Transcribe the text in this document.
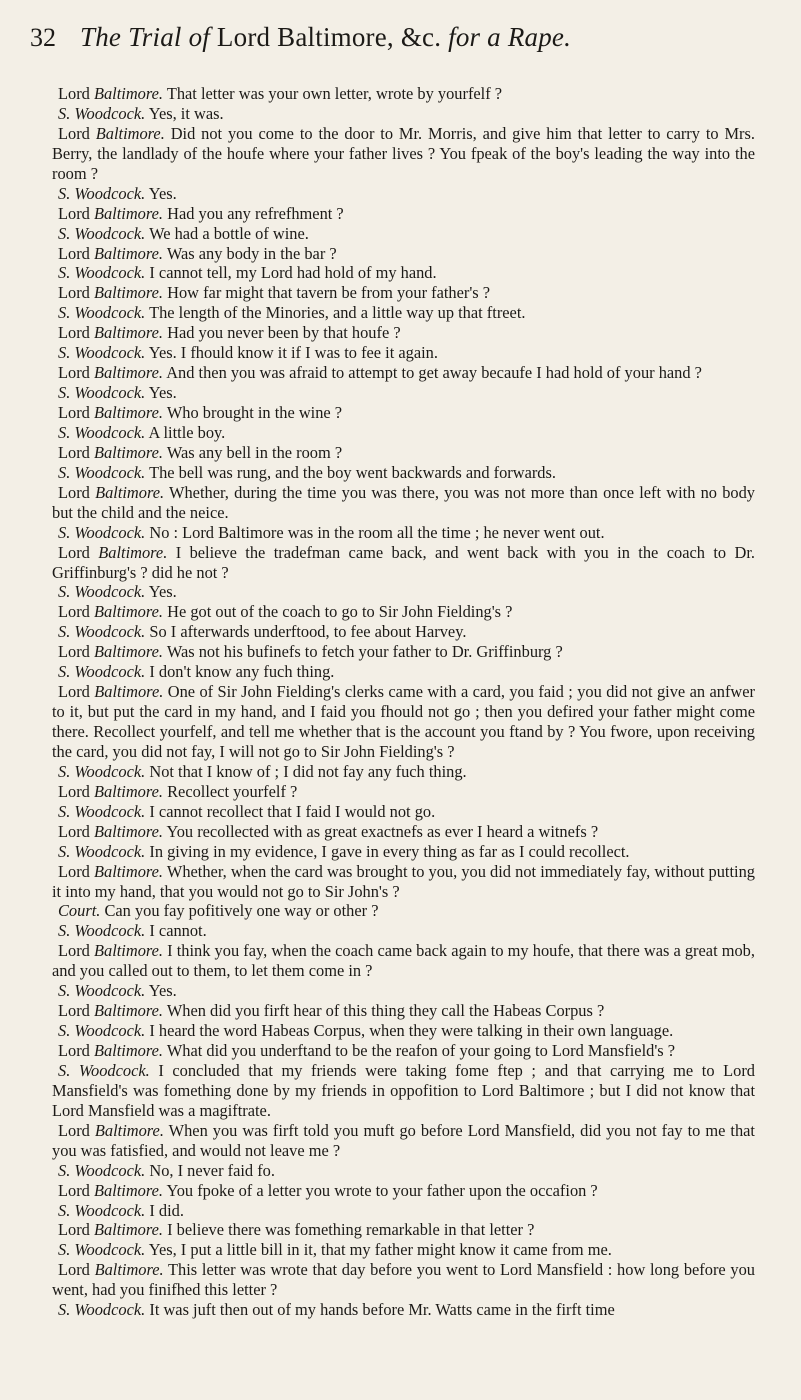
32 The Trial of Lord Baltimore, &c. for a Rape.

Lord Baltimore. That letter was your own letter, wrote by yourfelf ?

S. Woodcock. Yes, it was.

Lord Baltimore. Did not you come to the door to Mr. Morris, and give him that letter to carry to Mrs. Berry, the landlady of the houfe where your father lives ? You fpeak of the boy's leading the way into the room ?

S. Woodcock. Yes.

Lord Baltimore. Had you any refrefhment ?

S. Woodcock. We had a bottle of wine.

Lord Baltimore. Was any body in the bar ?

S. Woodcock. I cannot tell, my Lord had hold of my hand.

Lord Baltimore. How far might that tavern be from your father's ?

S. Woodcock. The length of the Minories, and a little way up that ftreet.

Lord Baltimore. Had you never been by that houfe ?

S. Woodcock. Yes. I fhould know it if I was to fee it again.

Lord Baltimore. And then you was afraid to attempt to get away becaufe I had hold of your hand ?

S. Woodcock. Yes.

Lord Baltimore. Who brought in the wine ?

S. Woodcock. A little boy.

Lord Baltimore. Was any bell in the room ?

S. Woodcock. The bell was rung, and the boy went backwards and forwards.

Lord Baltimore. Whether, during the time you was there, you was not more than once left with no body but the child and the neice.

S. Woodcock. No : Lord Baltimore was in the room all the time ; he never went out.

Lord Baltimore. I believe the tradefman came back, and went back with you in the coach to Dr. Griffinburg's ? did he not ?

S. Woodcock. Yes.

Lord Baltimore. He got out of the coach to go to Sir John Fielding's ?

S. Woodcock. So I afterwards underftood, to fee about Harvey.

Lord Baltimore. Was not his bufinefs to fetch your father to Dr. Griffinburg ?

S. Woodcock. I don't know any fuch thing.

Lord Baltimore. One of Sir John Fielding's clerks came with a card, you faid ; you did not give an anfwer to it, but put the card in my hand, and I faid you fhould not go ; then you defired your father might come there. Recollect yourfelf, and tell me whether that is the account you ftand by ? You fwore, upon receiving the card, you did not fay, I will not go to Sir John Fielding's ?

S. Woodcock. Not that I know of ; I did not fay any fuch thing.

Lord Baltimore. Recollect yourfelf ?

S. Woodcock. I cannot recollect that I faid I would not go.

Lord Baltimore. You recollected with as great exactnefs as ever I heard a witnefs ?

S. Woodcock. In giving in my evidence, I gave in every thing as far as I could recollect.

Lord Baltimore. Whether, when the card was brought to you, you did not immediately fay, without putting it into my hand, that you would not go to Sir John's ?

Court. Can you fay pofitively one way or other ?

S. Woodcock. I cannot.

Lord Baltimore. I think you fay, when the coach came back again to my houfe, that there was a great mob, and you called out to them, to let them come in ?

S. Woodcock. Yes.

Lord Baltimore. When did you firft hear of this thing they call the Habeas Corpus ?

S. Woodcock. I heard the word Habeas Corpus, when they were talking in their own language.

Lord Baltimore. What did you underftand to be the reafon of your going to Lord Mansfield's ?

S. Woodcock. I concluded that my friends were taking fome ftep ; and that carrying me to Lord Mansfield's was fomething done by my friends in oppofition to Lord Baltimore ; but I did not know that Lord Mansfield was a magiftrate.

Lord Baltimore. When you was firft told you muft go before Lord Mansfield, did you not fay to me that you was fatisfied, and would not leave me ?

S. Woodcock. No, I never faid fo.

Lord Baltimore. You fpoke of a letter you wrote to your father upon the occafion ?

S. Woodcock. I did.

Lord Baltimore. I believe there was fomething remarkable in that letter ?

S. Woodcock. Yes, I put a little bill in it, that my father might know it came from me.

Lord Baltimore. This letter was wrote that day before you went to Lord Mansfield : how long before you went, had you finifhed this letter ?

S. Woodcock. It was juft then out of my hands before Mr. Watts came in the firft time
